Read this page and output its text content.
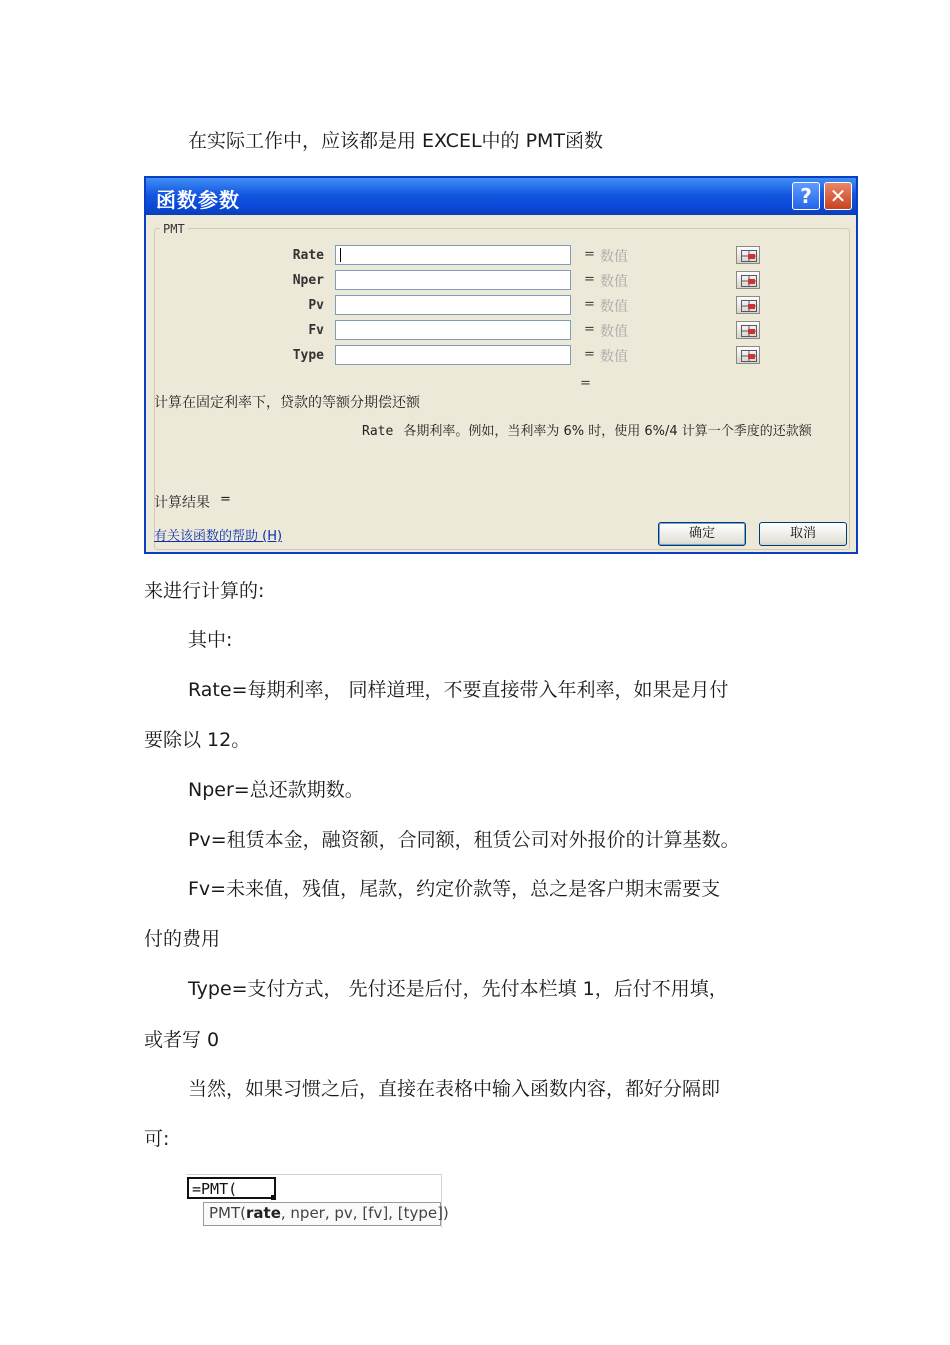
在实际工作中，应该都是用 EXCEL中的 PMT函数
函数参数	? ✕
PMT
Rate	= 数值
Nper	= 数值
Pv	= 数值
Fv	= 数值
Type	= 数值
=
计算在固定利率下，贷款的等额分期偿还额
Rate 各期利率。例如，当利率为 6% 时，使用 6%/4 计算一个季度的还款额
计算结果 =
有关该函数的帮助 (H)	确定	取消
来进行计算的:
其中:
Rate=每期利率， 同样道理，不要直接带入年利率，如果是月付
要除以 12。
Nper=总还款期数。
Pv=租赁本金，融资额，合同额，租赁公司对外报价的计算基数。
Fv=未来值，残值，尾款，约定价款等，总之是客户期末需要支
付的费用
Type=支付方式， 先付还是后付，先付本栏填 1，后付不用填，
或者写 0
当然，如果习惯之后，直接在表格中输入函数内容，都好分隔即
可:
=PMT(
PMT(rate, nper, pv, [fv], [type])
